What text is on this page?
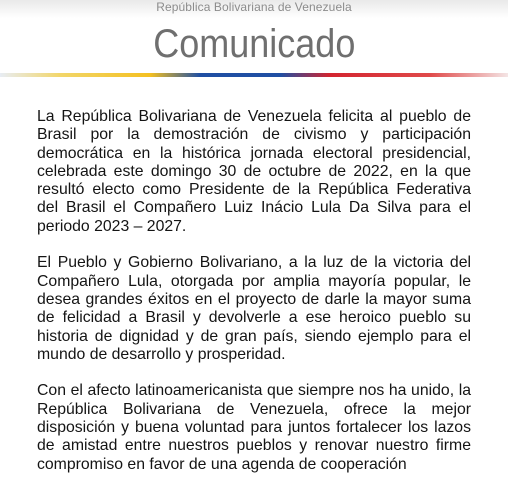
República Bolivariana de Venezuela
Comunicado

La República Bolivariana de Venezuela felicita al pueblo de Brasil por la demostración de civismo y participación democrática en la histórica jornada electoral presidencial, celebrada este domingo 30 de octubre de 2022, en la que resultó electo como Presidente de la República Federativa del Brasil el Compañero Luiz Inácio Lula Da Silva para el periodo 2023 – 2027.

El Pueblo y Gobierno Bolivariano, a la luz de la victoria del Compañero Lula, otorgada por amplia mayoría popular, le desea grandes éxitos en el proyecto de darle la mayor suma de felicidad a Brasil y devolverle a ese heroico pueblo su historia de dignidad y de gran país, siendo ejemplo para el mundo de desarrollo y prosperidad.

Con el afecto latinoamericanista que siempre nos ha unido, la República Bolivariana de Venezuela, ofrece la mejor disposición y buena voluntad para juntos fortalecer los lazos de amistad entre nuestros pueblos y renovar nuestro firme compromiso en favor de una agenda de cooperación
